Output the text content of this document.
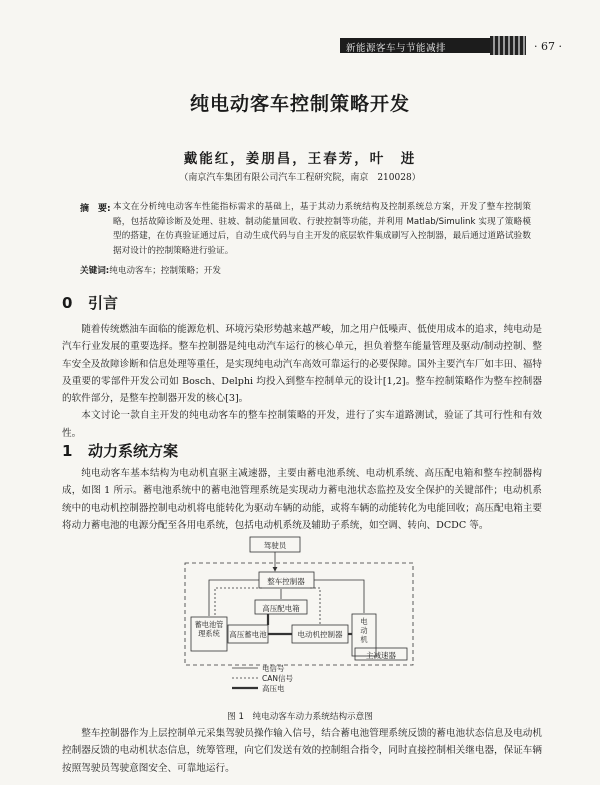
新能源客车与节能减排	· 67 ·
纯电动客车控制策略开发
戴能红，姜朋昌，王春芳，叶　进
（南京汽车集团有限公司汽车工程研究院，南京　210028）
摘　要: 本文在分析纯电动客车性能指标需求的基础上，基于其动力系统结构及控制系统总方案，开发了整车控制策略，包括故障诊断及处理、驻坡、制动能量回收、行驶控制等功能，并利用 Matlab/Simulink 实现了策略模型的搭建，在仿真验证通过后，自动生成代码与自主开发的底层软件集成刷写入控制器，最后通过道路试验数据对设计的控制策略进行验证。
关键词:纯电动客车；控制策略；开发
0 引言

随着传统燃油车面临的能源危机、环境污染形势越来越严峻，加之用户低噪声、低使用成本的追求，纯电动是汽车行业发展的重要选择。整车控制器是纯电动汽车运行的核心单元，担负着整车能量管理及驱动/制动控制、整车安全及故障诊断和信息处理等重任，是实现纯电动汽车高效可靠运行的必要保障。国外主要汽车厂如丰田、福特及重要的零部件开发公司如 Bosch、Delphi 均投入到整车控制单元的设计[1,2]。整车控制策略作为整车控制器的软件部分，是整车控制器开发的核心[3]。

本文讨论一款自主开发的纯电动客车的整车控制策略的开发，进行了实车道路测试，验证了其可行性和有效性。

1 动力系统方案

纯电动客车基本结构为电动机直驱主减速器，主要由蓄电池系统、电动机系统、高压配电箱和整车控制器构成，如图 1 所示。蓄电池系统中的蓄电池管理系统是实现动力蓄电池状态监控及安全保护的关键部件；电动机系统中的电动机控制器控制电动机将电能转化为驱动车辆的动能，或将车辆的动能转化为电能回收；高压配电箱主要将动力蓄电池的电源分配至各用电系统，包括电动机系统及辅助子系统，如空调、转向、DCDC 等。

驾驶员
整车控制器
高压配电箱
高压蓄电池	电动机控制器
主减速器
电信号
CAN信号
高压电
蓄电池管理系统
电动机
图 1　纯电动客车动力系统结构示意图

整车控制器作为上层控制单元采集驾驶员操作输入信号，结合蓄电池管理系统反馈的蓄电池状态信息及电动机控制器反馈的电动机状态信息，统筹管理，向它们发送有效的控制组合指令，同时直接控制相关继电器，保证车辆按照驾驶员驾驶意图安全、可靠地运行。
